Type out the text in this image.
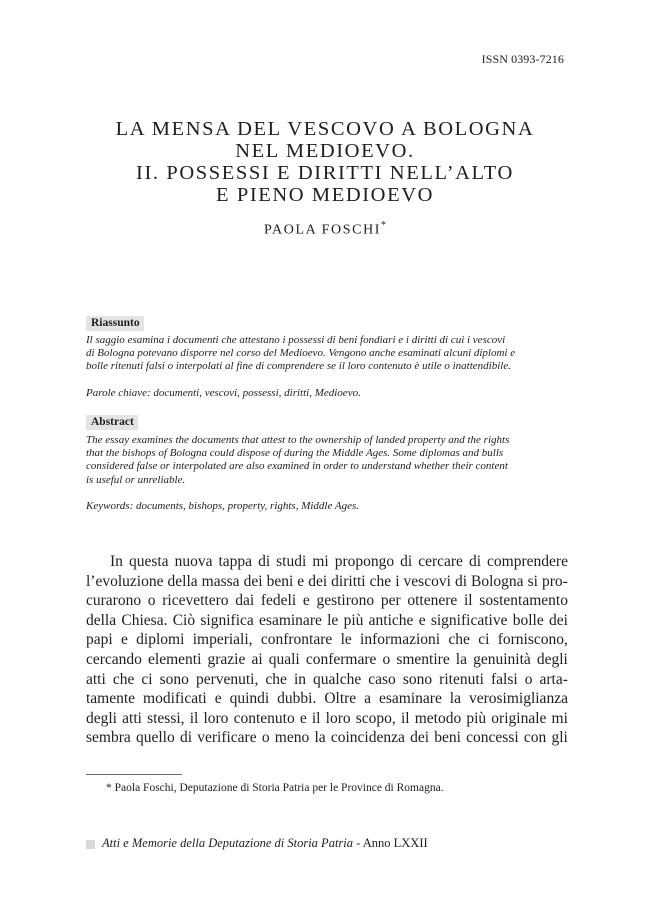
ISSN 0393-7216
LA MENSA DEL VESCOVO A BOLOGNA
NEL MEDIOEVO.
II. POSSESSI E DIRITTI NELL’ALTO
E PIENO MEDIOEVO
PAOLA FOSCHI*
Riassunto
Il saggio esamina i documenti che attestano i possessi di beni fondiari e i diritti di cui i vescovi
di Bologna potevano disporre nel corso del Medioevo. Vengono anche esaminati alcuni diplomi e
bolle ritenuti falsi o interpolati al fine di comprendere se il loro contenuto è utile o inattendibile.
Parole chiave: documenti, vescovi, possessi, diritti, Medioevo.
Abstract
The essay examines the documents that attest to the ownership of landed property and the rights
that the bishops of Bologna could dispose of during the Middle Ages. Some diplomas and bulls
considered false or interpolated are also examined in order to understand whether their content
is useful or unreliable.
Keywords: documents, bishops, property, rights, Middle Ages.
In questa nuova tappa di studi mi propongo di cercare di comprendere
l’evoluzione della massa dei beni e dei diritti che i vescovi di Bologna si pro-
curarono o ricevettero dai fedeli e gestirono per ottenere il sostentamento
della Chiesa. Ciò significa esaminare le più antiche e significative bolle dei
papi e diplomi imperiali, confrontare le informazioni che ci forniscono,
cercando elementi grazie ai quali confermare o smentire la genuinità degli
atti che ci sono pervenuti, che in qualche caso sono ritenuti falsi o arta-
tamente modificati e quindi dubbi. Oltre a esaminare la verosimiglianza
degli atti stessi, il loro contenuto e il loro scopo, il metodo più originale mi
sembra quello di verificare o meno la coincidenza dei beni concessi con gli
* Paola Foschi, Deputazione di Storia Patria per le Province di Romagna.
Atti e Memorie della Deputazione di Storia Patria - Anno LXXII
